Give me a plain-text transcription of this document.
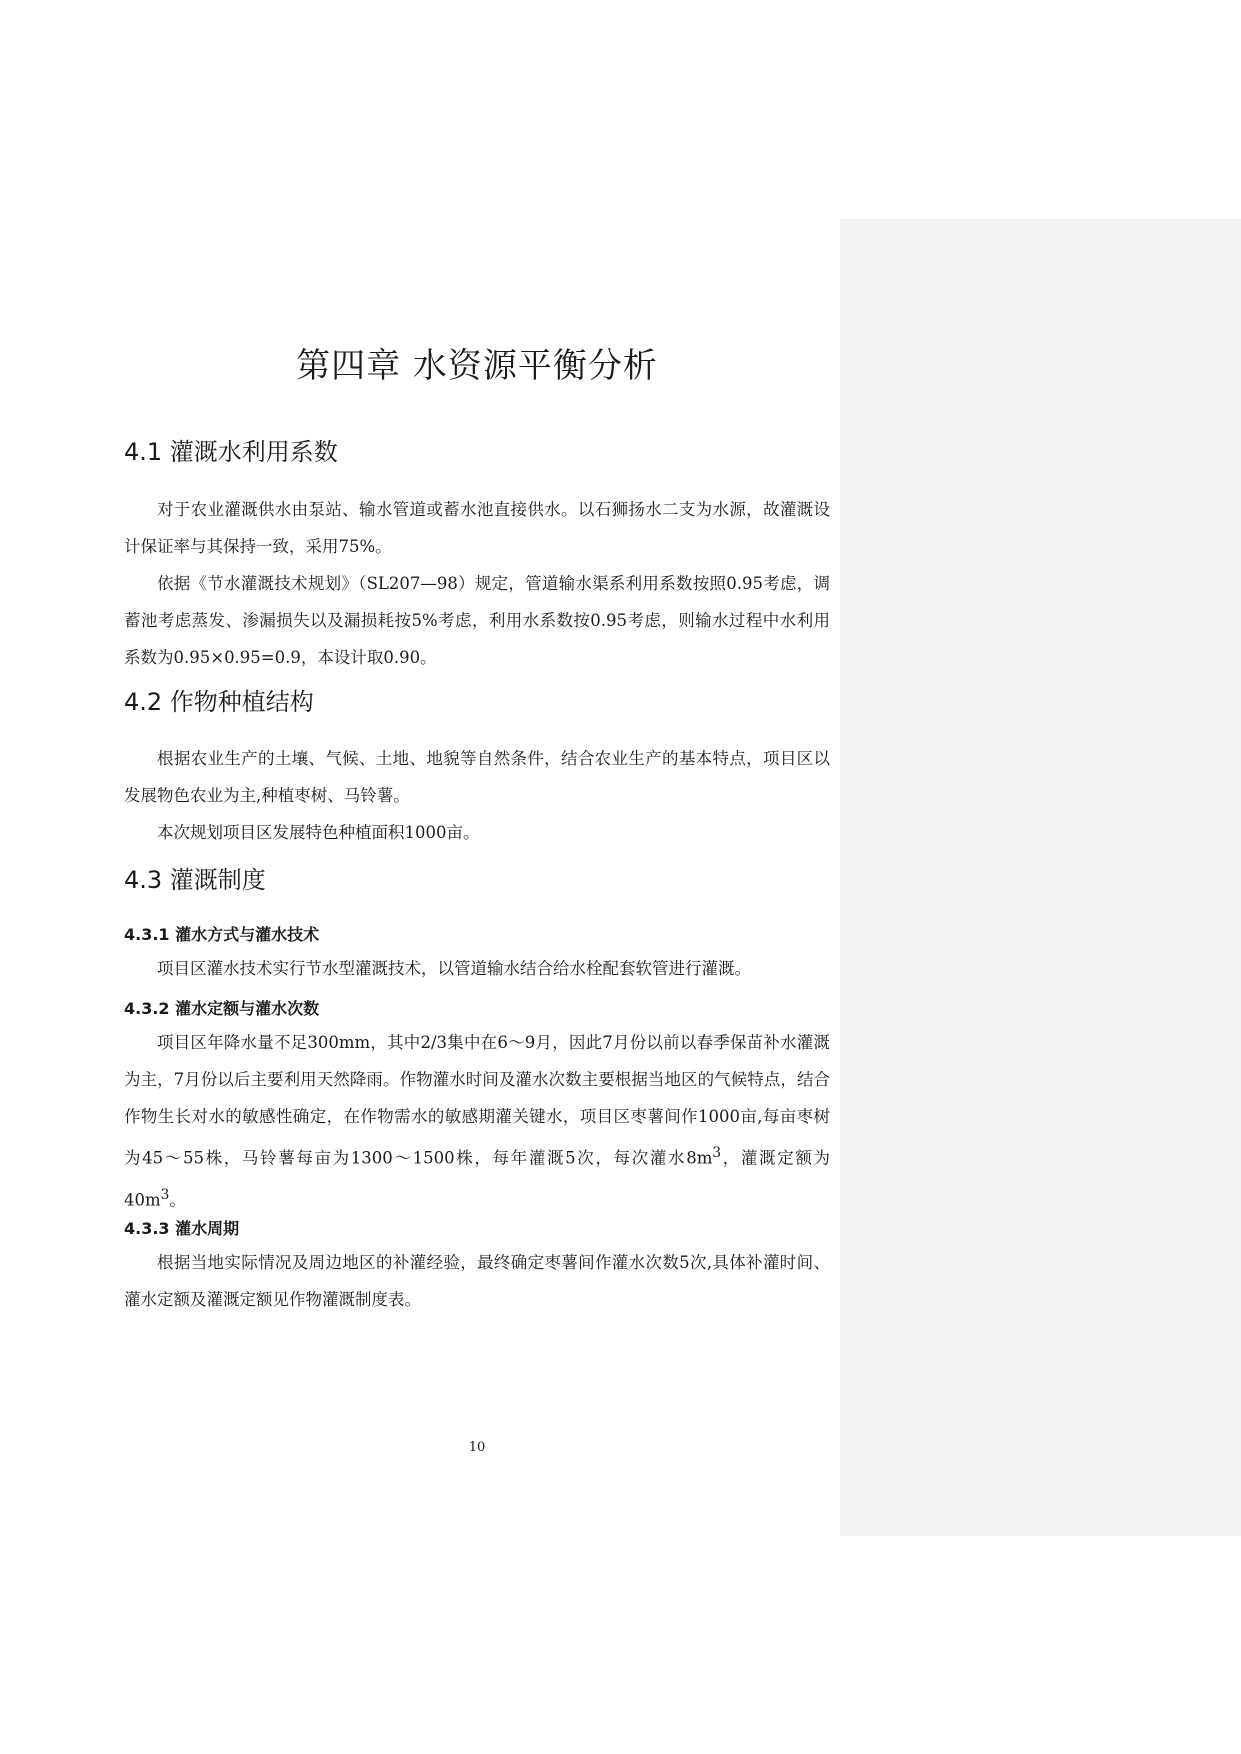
第四章 水资源平衡分析
4.1 灌溉水利用系数

对于农业灌溉供水由泵站、输水管道或蓄水池直接供水。以石狮扬水二支为水源，故灌溉设计保证率与其保持一致，采用75%。

依据《节水灌溉技术规划》（SL207—98）规定，管道输水渠系利用系数按照0.95考虑，调蓄池考虑蒸发、渗漏损失以及漏损耗按5%考虑，利用水系数按0.95考虑，则输水过程中水利用系数为0.95×0.95=0.9，本设计取0.90。

4.2 作物种植结构

根据农业生产的土壤、气候、土地、地貌等自然条件，结合农业生产的基本特点，项目区以发展物色农业为主,种植枣树、马铃薯。

本次规划项目区发展特色种植面积1000亩。

4.3 灌溉制度
4.3.1 灌水方式与灌水技术

项目区灌水技术实行节水型灌溉技术，以管道输水结合给水栓配套软管进行灌溉。

4.3.2 灌水定额与灌水次数

项目区年降水量不足300mm，其中2/3集中在6～9月，因此7月份以前以春季保苗补水灌溉为主，7月份以后主要利用天然降雨。作物灌水时间及灌水次数主要根据当地区的气候特点，结合作物生长对水的敏感性确定，在作物需水的敏感期灌关键水，项目区枣薯间作1000亩,每亩枣树为45～55株，马铃薯每亩为1300～1500株，每年灌溉5次，每次灌水$8m^3$，灌溉定额为$40m^3$。

4.3.3 灌水周期

根据当地实际情况及周边地区的补灌经验，最终确定枣薯间作灌水次数5次,具体补灌时间、灌水定额及灌溉定额见作物灌溉制度表。

10
